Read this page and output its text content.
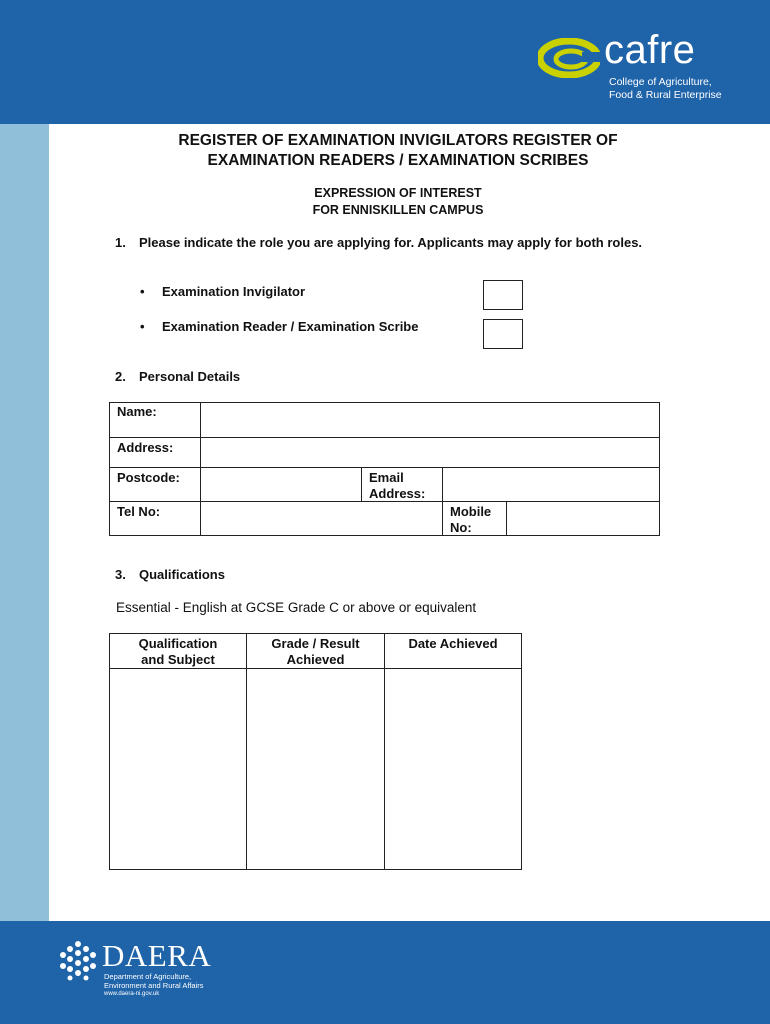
cafre
College of Agriculture,
Food & Rural Enterprise
REGISTER OF EXAMINATION INVIGILATORS REGISTER OF
EXAMINATION READERS / EXAMINATION SCRIBES
EXPRESSION OF INTEREST
FOR ENNISKILLEN CAMPUS
1. Please indicate the role you are applying for. Applicants may apply for both roles.
• Examination Invigilator
• Examination Reader / Examination Scribe
2. Personal Details
Name:
Address:
Postcode:	Email
Address:
Tel No:	Mobile
No:
3. Qualifications
Essential - English at GCSE Grade C or above or equivalent
Qualification
and Subject
Grade / Result
Achieved
Date Achieved
DAERA
Department of Agriculture,
Environment and Rural Affairs
www.daera-ni.gov.uk
